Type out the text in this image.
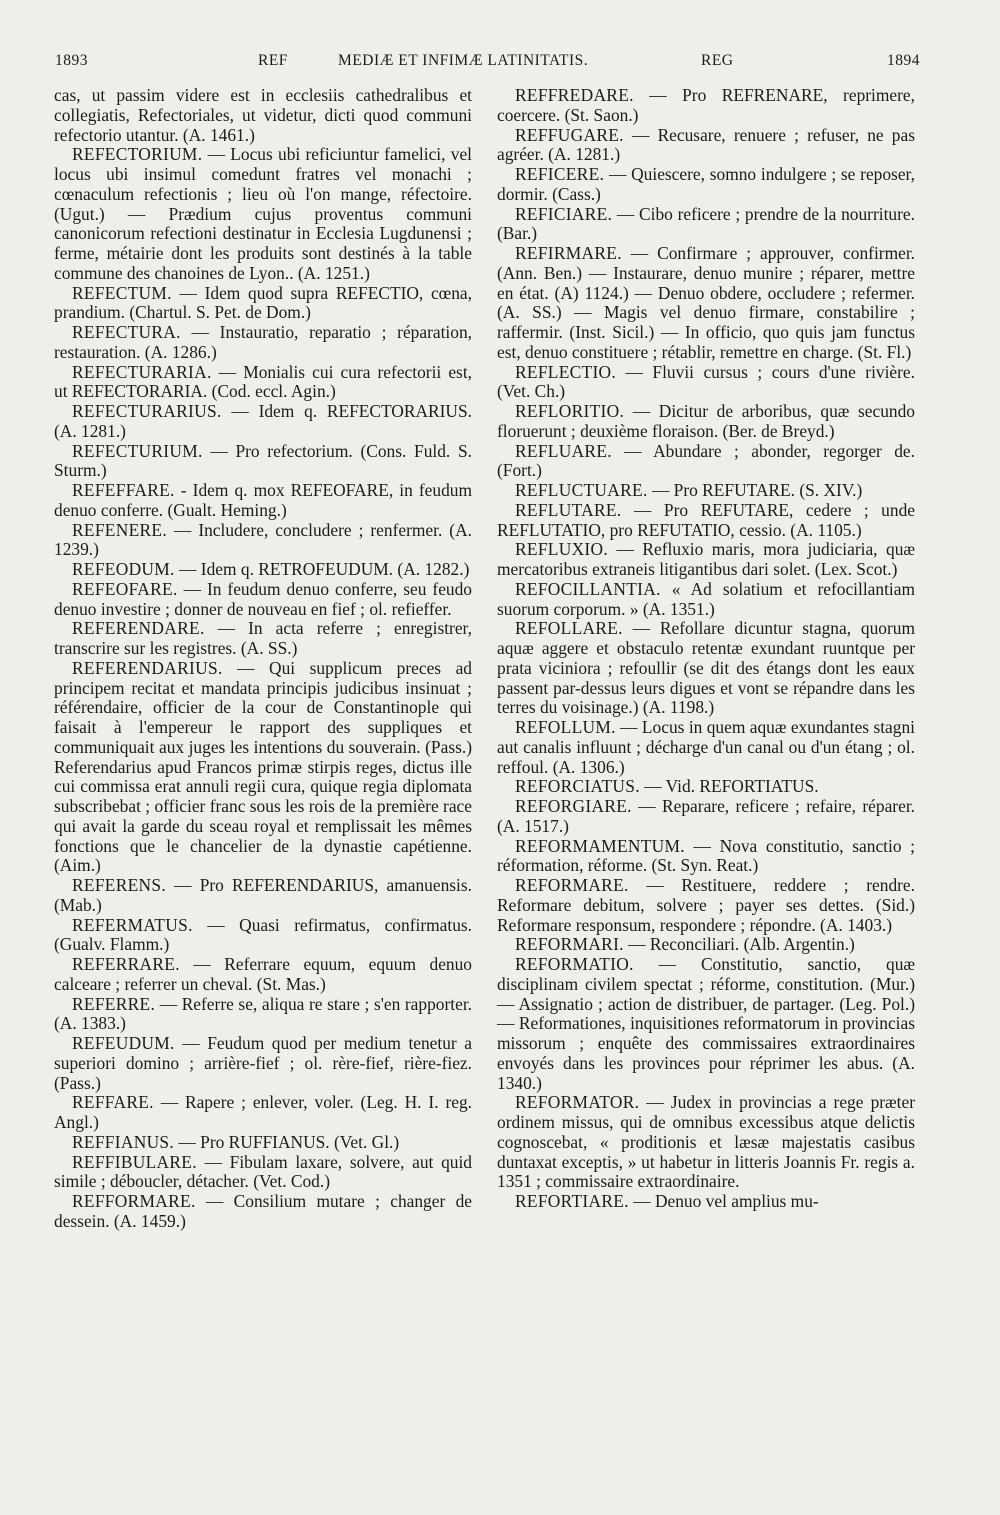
1893	REF	MEDIÆ ET INFIMÆ LATINITATIS.	REG	1894

cas, ut passim videre est in ecclesiis cathedralibus et collegiatis, Refectoriales, ut videtur, dicti quod communi refectorio utantur. (A. 1461.)

REFECTORIUM. — Locus ubi reficiuntur famelici, vel locus ubi insimul comedunt fratres vel monachi ; cœnaculum refectionis ; lieu où l'on mange, réfectoire. (Ugut.) — Prædium cujus proventus communi canonicorum refectioni destinatur in Ecclesia Lugdunensi ; ferme, métairie dont les produits sont destinés à la table commune des chanoines de Lyon.. (A. 1251.)

REFECTUM. — Idem quod supra REFECTIO, cœna, prandium. (Chartul. S. Pet. de Dom.)

REFECTURA. — Instauratio, reparatio ; réparation, restauration. (A. 1286.)

REFECTURARIA. — Monialis cui cura refectorii est, ut REFECTORARIA. (Cod. eccl. Agin.)

REFECTURARIUS. — Idem q. REFECTORARIUS. (A. 1281.)

REFECTURIUM. — Pro refectorium. (Cons. Fuld. S. Sturm.)

REFEFFARE. - Idem q. mox REFEOFARE, in feudum denuo conferre. (Gualt. Heming.)

REFENERE. — Includere, concludere ; renfermer. (A. 1239.)

REFEODUM. — Idem q. RETROFEUDUM. (A. 1282.)

REFEOFARE. — In feudum denuo conferre, seu feudo denuo investire ; donner de nouveau en fief ; ol. refieffer.

REFERENDARE. — In acta referre ; enregistrer, transcrire sur les registres. (A. SS.)

REFERENDARIUS. — Qui supplicum preces ad principem recitat et mandata principis judicibus insinuat ; référendaire, officier de la cour de Constantinople qui faisait à l'empereur le rapport des suppliques et communiquait aux juges les intentions du souverain. (Pass.) Referendarius apud Francos primæ stirpis reges, dictus ille cui commissa erat annuli regii cura, quique regia diplomata subscribebat ; officier franc sous les rois de la première race qui avait la garde du sceau royal et remplissait les mêmes fonctions que le chancelier de la dynastie capétienne. (Aim.)

REFERENS. — Pro REFERENDARIUS, amanuensis. (Mab.)

REFERMATUS. — Quasi refirmatus, confirmatus. (Gualv. Flamm.)

REFERRARE. — Referrare equum, equum denuo calceare ; referrer un cheval. (St. Mas.)

REFERRE. — Referre se, aliqua re stare ; s'en rapporter. (A. 1383.)

REFEUDUM. — Feudum quod per medium tenetur a superiori domino ; arrière-fief ; ol. rère-fief, rière-fiez. (Pass.)

REFFARE. — Rapere ; enlever, voler. (Leg. H. I. reg. Angl.)

REFFIANUS. — Pro RUFFIANUS. (Vet. Gl.)

REFFIBULARE. — Fibulam laxare, solvere, aut quid simile ; déboucler, détacher. (Vet. Cod.)

REFFORMARE. — Consilium mutare ; changer de dessein. (A. 1459.)

REFFREDARE. — Pro REFRENARE, reprimere, coercere. (St. Saon.)

REFFUGARE. — Recusare, renuere ; refuser, ne pas agréer. (A. 1281.)

REFICERE. — Quiescere, somno indulgere ; se reposer, dormir. (Cass.)

REFICIARE. — Cibo reficere ; prendre de la nourriture. (Bar.)

REFIRMARE. — Confirmare ; approuver, confirmer. (Ann. Ben.) — Instaurare, denuo munire ; réparer, mettre en état. (A) 1124.) — Denuo obdere, occludere ; refermer. (A. SS.) — Magis vel denuo firmare, constabilire ; raffermir. (Inst. Sicil.) — In officio, quo quis jam functus est, denuo constituere ; rétablir, remettre en charge. (St. Fl.)

REFLECTIO. — Fluvii cursus ; cours d'une rivière. (Vet. Ch.)

REFLORITIO. — Dicitur de arboribus, quæ secundo floruerunt ; deuxième floraison. (Ber. de Breyd.)

REFLUARE. — Abundare ; abonder, regorger de. (Fort.)

REFLUCTUARE. — Pro REFUTARE. (S. XIV.)

REFLUTARE. — Pro REFUTARE, cedere ; unde REFLUTATIO, pro REFUTATIO, cessio. (A. 1105.)

REFLUXIO. — Refluxio maris, mora judiciaria, quæ mercatoribus extraneis litigantibus dari solet. (Lex. Scot.)

REFOCILLANTIA. « Ad solatium et refocillantiam suorum corporum. » (A. 1351.)

REFOLLARE. — Refollare dicuntur stagna, quorum aquæ aggere et obstaculo retentæ exundant ruuntque per prata viciniora ; refoullir (se dit des étangs dont les eaux passent par-dessus leurs digues et vont se répandre dans les terres du voisinage.) (A. 1198.)

REFOLLUM. — Locus in quem aquæ exundantes stagni aut canalis influunt ; décharge d'un canal ou d'un étang ; ol. reffoul. (A. 1306.)

REFORCIATUS. — Vid. REFORTIATUS.

REFORGIARE. — Reparare, reficere ; refaire, réparer. (A. 1517.)

REFORMAMENTUM. — Nova constitutio, sanctio ; réformation, réforme. (St. Syn. Reat.)

REFORMARE. — Restituere, reddere ; rendre. Reformare debitum, solvere ; payer ses dettes. (Sid.) Reformare responsum, respondere ; répondre. (A. 1403.)

REFORMARI. — Reconciliari. (Alb. Argentin.)

REFORMATIO. — Constitutio, sanctio, quæ disciplinam civilem spectat ; réforme, constitution. (Mur.) — Assignatio ; action de distribuer, de partager. (Leg. Pol.) — Reformationes, inquisitiones reformatorum in provincias missorum ; enquête des commissaires extraordinaires envoyés dans les provinces pour réprimer les abus. (A. 1340.)

REFORMATOR. — Judex in provincias a rege præter ordinem missus, qui de omnibus excessibus atque delictis cognoscebat, « proditionis et læsæ majestatis casibus duntaxat exceptis, » ut habetur in litteris Joannis Fr. regis a. 1351 ; commissaire extraordinaire.

REFORTIARE. — Denuo vel amplius mu-
